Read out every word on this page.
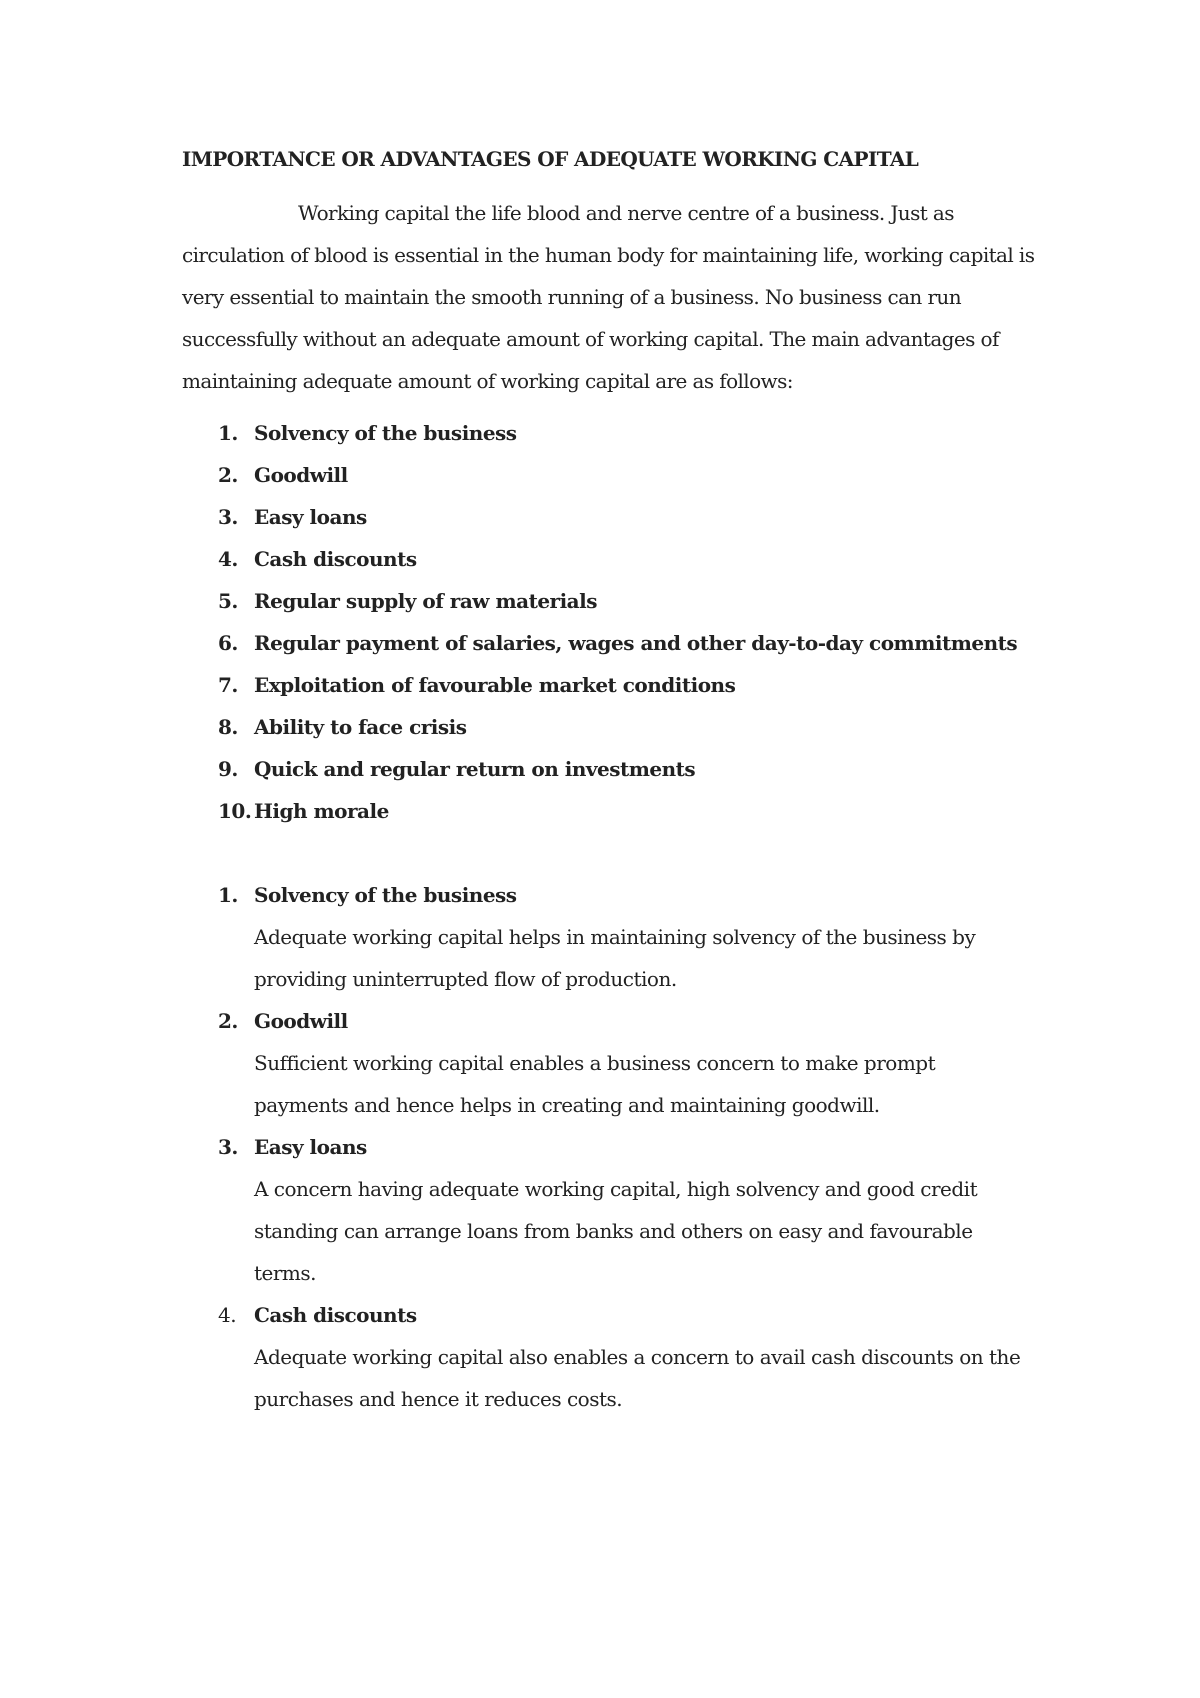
IMPORTANCE OR ADVANTAGES OF ADEQUATE WORKING CAPITAL

Working capital the life blood and nerve centre of a business. Just as circulation of blood is essential in the human body for maintaining life, working capital is very essential to maintain the smooth running of a business. No business can run successfully without an adequate amount of working capital. The main advantages of maintaining adequate amount of working capital are as follows:

1. Solvency of the business
2. Goodwill
3. Easy loans
4. Cash discounts
5. Regular supply of raw materials
6. Regular payment of salaries, wages and other day-to-day commitments
7. Exploitation of favourable market conditions
8. Ability to face crisis
9. Quick and regular return on investments
10. High morale
1. Solvency of the business

Adequate working capital helps in maintaining solvency of the business by providing uninterrupted flow of production.

2. Goodwill

Sufficient working capital enables a business concern to make prompt payments and hence helps in creating and maintaining goodwill.

3. Easy loans

A concern having adequate working capital, high solvency and good credit standing can arrange loans from banks and others on easy and favourable terms.

4. Cash discounts

Adequate working capital also enables a concern to avail cash discounts on the purchases and hence it reduces costs.
